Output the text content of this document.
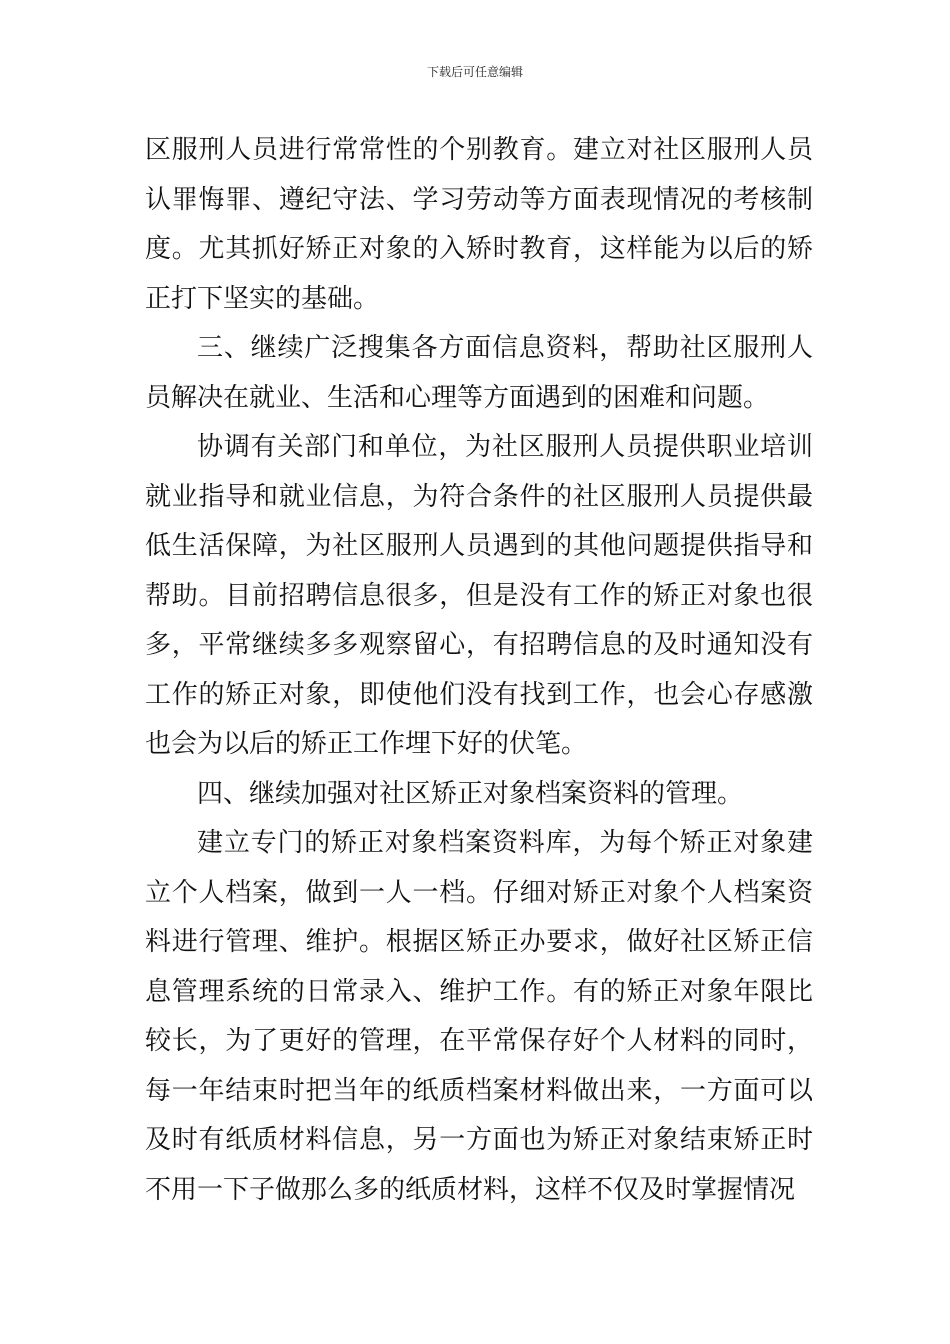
下载后可任意编辑

区服刑人员进行常常性的个别教育。建立对社区服刑人员认罪悔罪、遵纪守法、学习劳动等方面表现情况的考核制度。尤其抓好矫正对象的入矫时教育，这样能为以后的矫正打下坚实的基础。

三、继续广泛搜集各方面信息资料，帮助社区服刑人员解决在就业、生活和心理等方面遇到的困难和问题。

协调有关部门和单位，为社区服刑人员提供职业培训就业指导和就业信息，为符合条件的社区服刑人员提供最低生活保障，为社区服刑人员遇到的其他问题提供指导和帮助。目前招聘信息很多，但是没有工作的矫正对象也很多，平常继续多多观察留心，有招聘信息的及时通知没有工作的矫正对象，即使他们没有找到工作，也会心存感激也会为以后的矫正工作埋下好的伏笔。

四、继续加强对社区矫正对象档案资料的管理。

建立专门的矫正对象档案资料库，为每个矫正对象建立个人档案，做到一人一档。仔细对矫正对象个人档案资料进行管理、维护。根据区矫正办要求，做好社区矫正信息管理系统的日常录入、维护工作。有的矫正对象年限比较长，为了更好的管理，在平常保存好个人材料的同时，每一年结束时把当年的纸质档案材料做出来，一方面可以及时有纸质材料信息，另一方面也为矫正对象结束矫正时不用一下子做那么多的纸质材料，这样不仅及时掌握情况
